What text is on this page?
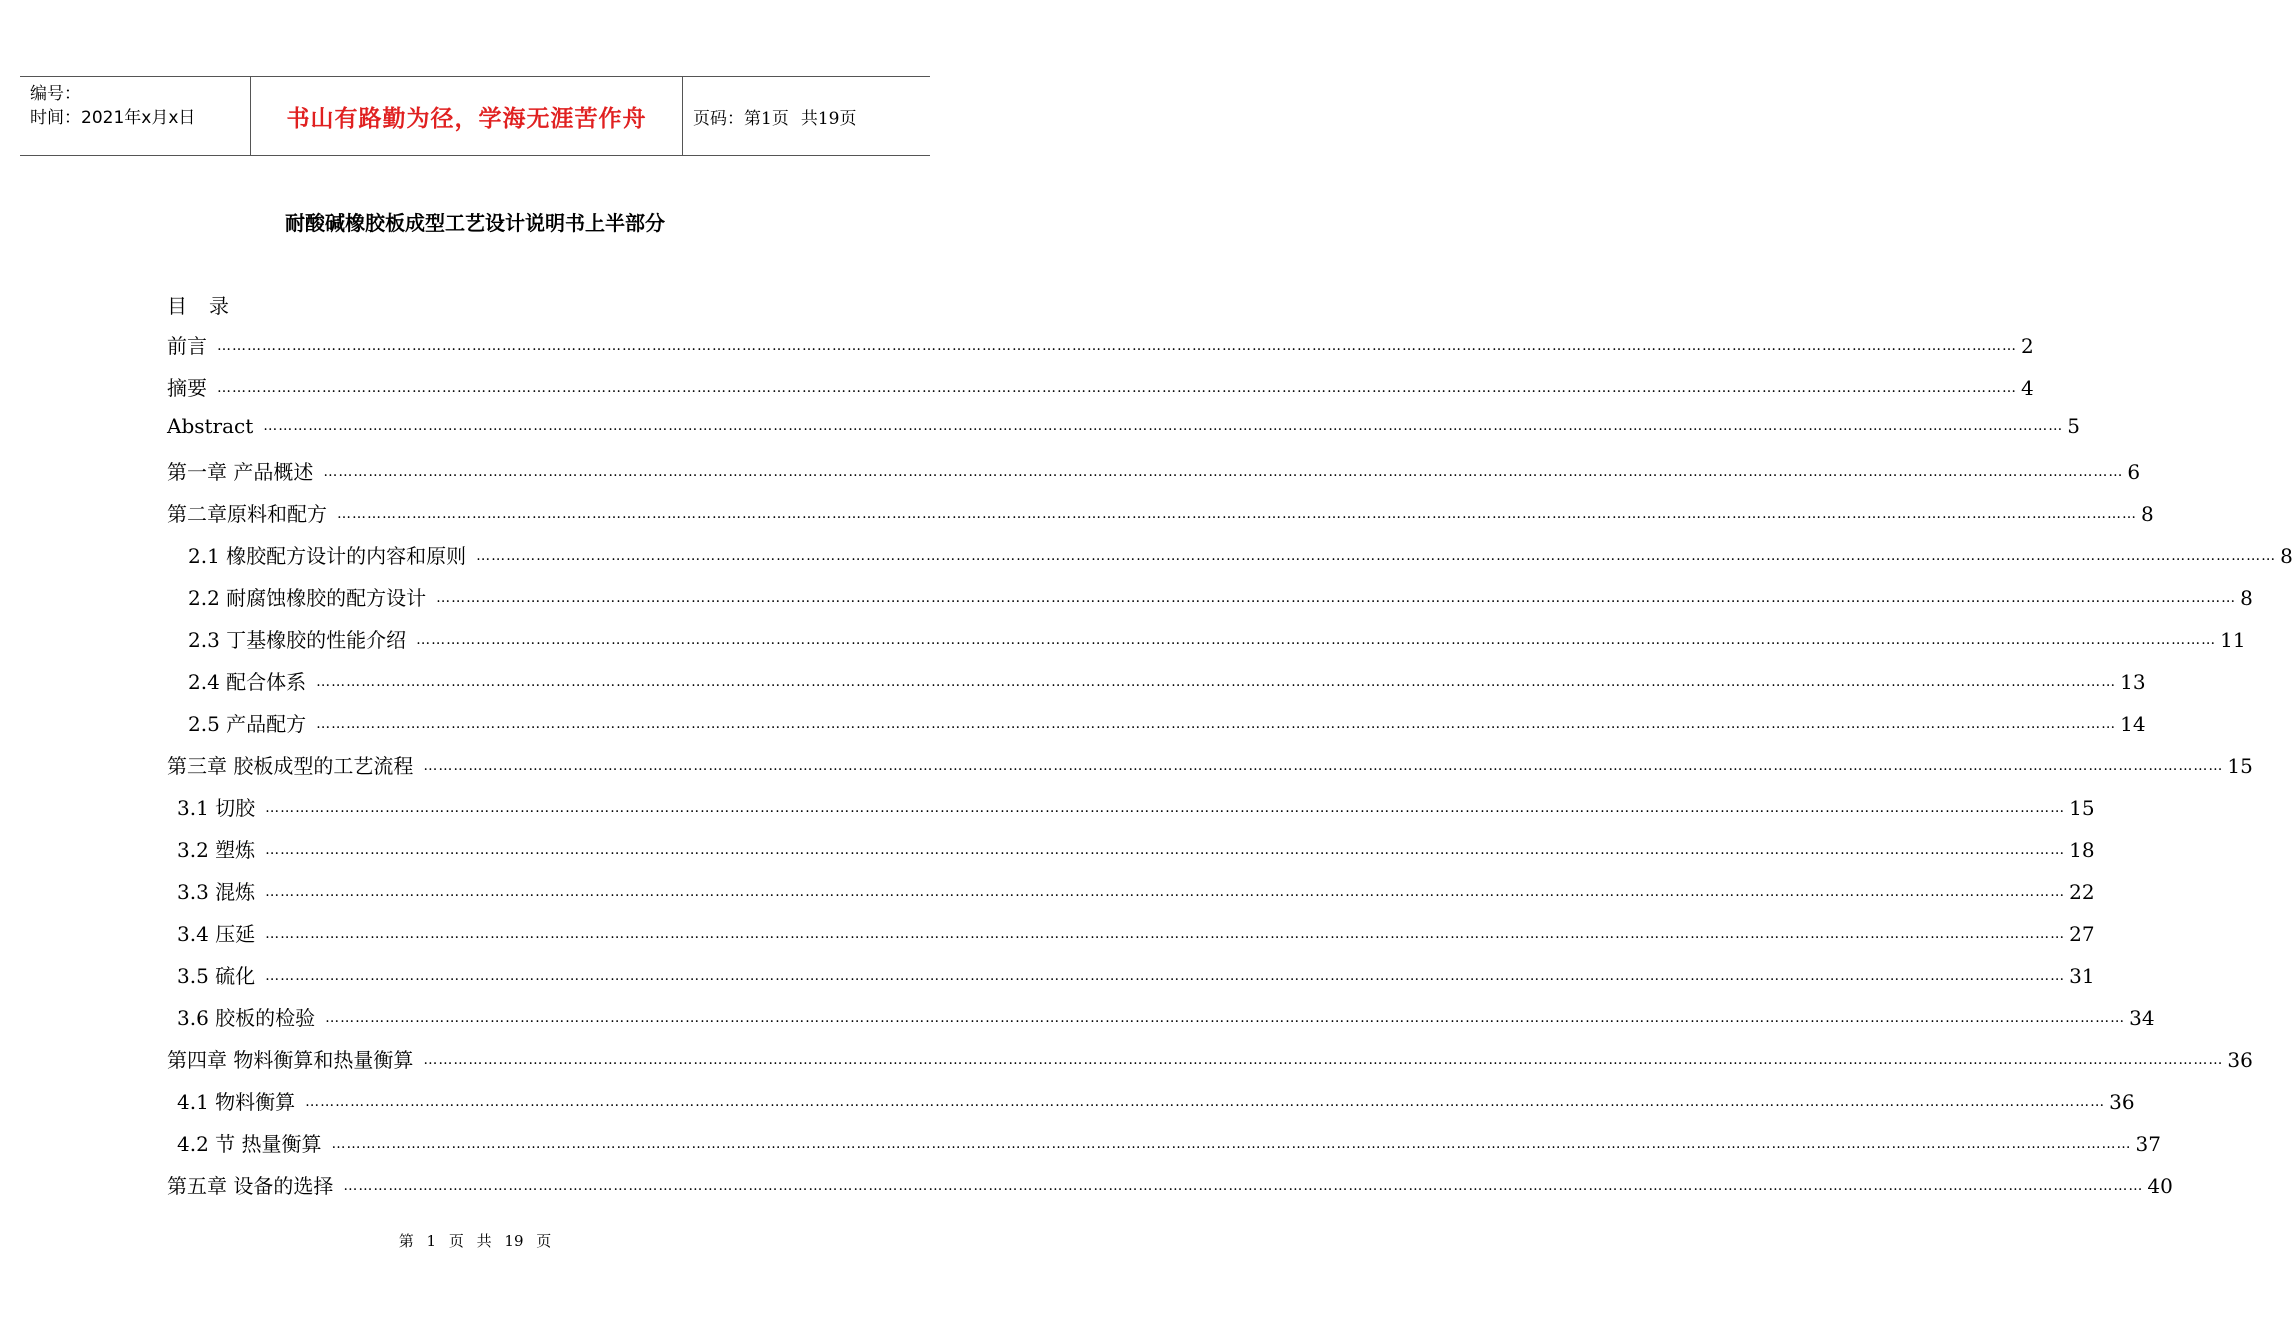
编号：
时间：2021年x月x日	书山有路勤为径，学海无涯苦作舟	页码：第1页 共19页
耐酸碱橡胶板成型工艺设计说明书上半部分
目 录
前言 ……………………………………………………………………………………………………………………………………………………………………………………………………………………………………………………………………………………………………………………………… 2
摘要 ……………………………………………………………………………………………………………………………………………………………………………………………………………………………………………………………………………………………………………………………… 4
Abstract ……………………………………………………………………………………………………………………………………………………………………………………………………………………………………………………………………………………………………………………………… 5
第一章 产品概述 ……………………………………………………………………………………………………………………………………………………………………………………………………………………………………………………………………………………………………………………………… 6
第二章原料和配方 ……………………………………………………………………………………………………………………………………………………………………………………………………………………………………………………………………………………………………………………………… 8
2.1 橡胶配方设计的内容和原则 ……………………………………………………………………………………………………………………………………………………………………………………………………………………………………………………………………………………………………………………………… 8
2.2 耐腐蚀橡胶的配方设计 ……………………………………………………………………………………………………………………………………………………………………………………………………………………………………………………………………………………………………………………………… 8
2.3 丁基橡胶的性能介绍 ……………………………………………………………………………………………………………………………………………………………………………………………………………………………………………………………………………………………………………………………… 11
2.4 配合体系 ……………………………………………………………………………………………………………………………………………………………………………………………………………………………………………………………………………………………………………………………… 13
2.5 产品配方 ……………………………………………………………………………………………………………………………………………………………………………………………………………………………………………………………………………………………………………………………… 14
第三章 胶板成型的工艺流程 ……………………………………………………………………………………………………………………………………………………………………………………………………………………………………………………………………………………………………………………………… 15
3.1 切胶 ……………………………………………………………………………………………………………………………………………………………………………………………………………………………………………………………………………………………………………………………… 15
3.2 塑炼 ……………………………………………………………………………………………………………………………………………………………………………………………………………………………………………………………………………………………………………………………… 18
3.3 混炼 ……………………………………………………………………………………………………………………………………………………………………………………………………………………………………………………………………………………………………………………………… 22
3.4 压延 ……………………………………………………………………………………………………………………………………………………………………………………………………………………………………………………………………………………………………………………………… 27
3.5 硫化 ……………………………………………………………………………………………………………………………………………………………………………………………………………………………………………………………………………………………………………………………… 31
3.6 胶板的检验 ……………………………………………………………………………………………………………………………………………………………………………………………………………………………………………………………………………………………………………………………… 34
第四章 物料衡算和热量衡算 ……………………………………………………………………………………………………………………………………………………………………………………………………………………………………………………………………………………………………………………………… 36
4.1 物料衡算 ……………………………………………………………………………………………………………………………………………………………………………………………………………………………………………………………………………………………………………………………… 36
4.2 节 热量衡算 ……………………………………………………………………………………………………………………………………………………………………………………………………………………………………………………………………………………………………………………………… 37
第五章 设备的选择 ……………………………………………………………………………………………………………………………………………………………………………………………………………………………………………………………………………………………………………………………… 40
第 1 页 共 19 页
